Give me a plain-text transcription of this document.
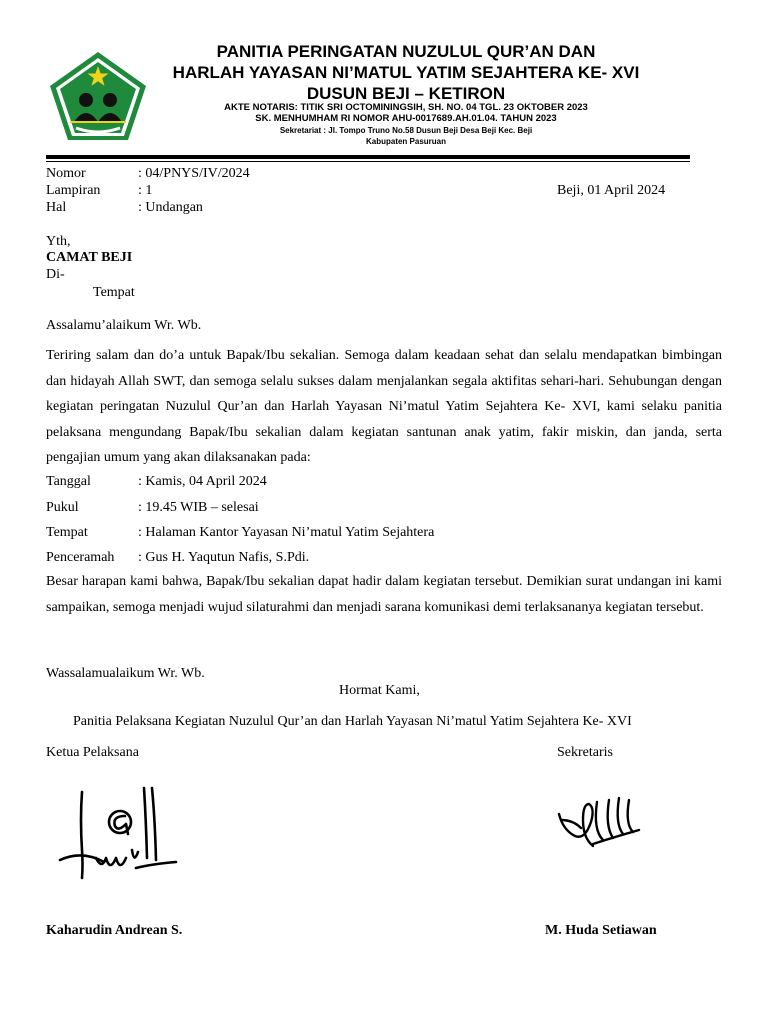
PANITIA PERINGATAN NUZULUL QUR’AN DAN
HARLAH YAYASAN NI’MATUL YATIM SEJAHTERA KE- XVI
DUSUN BEJI – KETIRON
AKTE NOTARIS: TITIK SRI OCTOMININGSIH, SH. NO. 04 TGL. 23 OKTOBER 2023
SK. MENHUMHAM RI NOMOR AHU-0017689.AH.01.04. TAHUN 2023
Sekretariat : Jl. Tompo Truno No.58 Dusun Beji Desa Beji Kec. Beji
Kabupaten Pasuruan
Nomor	: 04/PNYS/IV/2024
Lampiran	: 1	Beji, 01 April 2024
Hal	: Undangan
Yth,
CAMAT BEJI
Di-
Tempat
Assalamu’alaikum Wr. Wb.
Teriring salam dan do’a untuk Bapak/Ibu sekalian. Semoga dalam keadaan sehat dan selalu mendapatkan bimbingan dan hidayah Allah SWT, dan semoga selalu sukses dalam menjalankan segala aktifitas sehari-hari. Sehubungan dengan kegiatan peringatan Nuzulul Qur’an dan Harlah Yayasan Ni’matul Yatim Sejahtera Ke- XVI, kami selaku panitia pelaksana mengundang Bapak/Ibu sekalian dalam kegiatan santunan anak yatim, fakir miskin, dan janda, serta pengajian umum yang akan dilaksanakan pada:
Tanggal	: Kamis, 04 April 2024
Pukul	: 19.45 WIB – selesai
Tempat	: Halaman Kantor Yayasan Ni’matul Yatim Sejahtera
Penceramah : Gus H. Yaqutun Nafis, S.Pdi.
Besar harapan kami bahwa, Bapak/Ibu sekalian dapat hadir dalam kegiatan tersebut. Demikian surat undangan ini kami sampaikan, semoga menjadi wujud silaturahmi dan menjadi sarana komunikasi demi terlaksananya kegiatan tersebut.
Wassalamualaikum Wr. Wb.
Hormat Kami,
Panitia Pelaksana Kegiatan Nuzulul Qur’an dan Harlah Yayasan Ni’matul Yatim Sejahtera Ke- XVI
Ketua Pelaksana	Sekretaris
Kaharudin Andrean S.	M. Huda Setiawan
